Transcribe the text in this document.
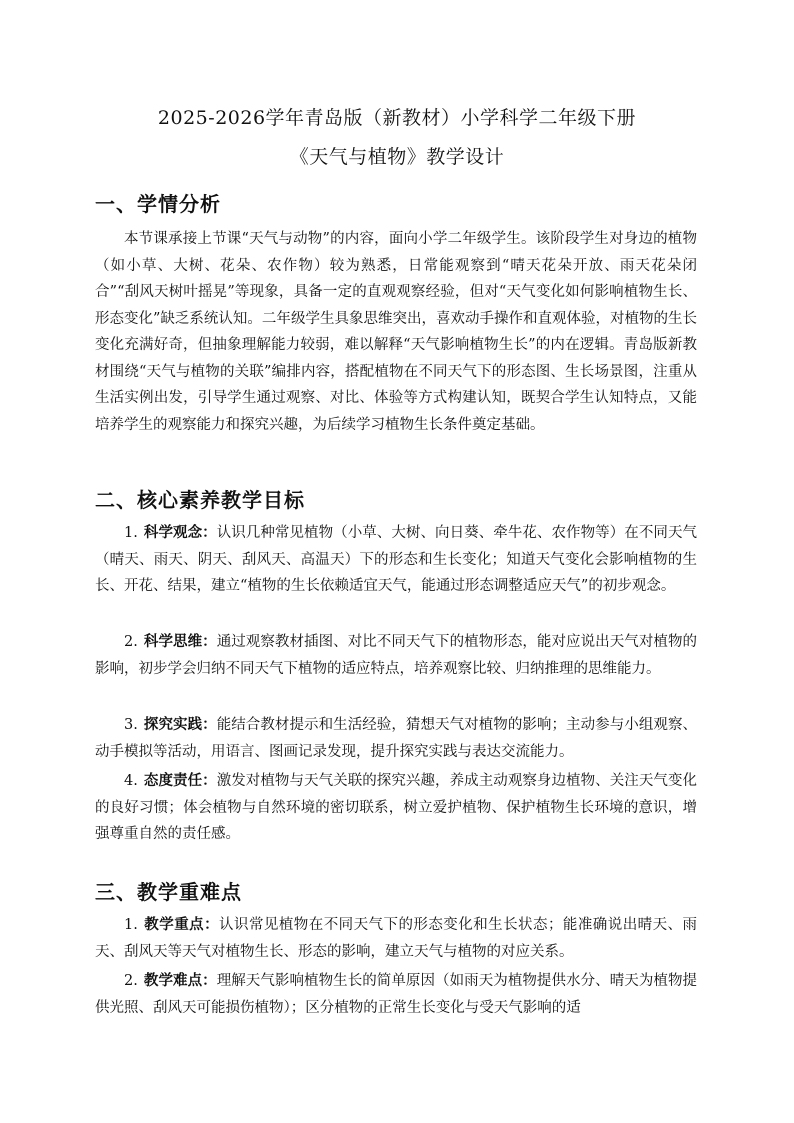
2025-2026学年青岛版（新教材）小学科学二年级下册
《天气与植物》教学设计
一、学情分析

本节课承接上节课“天气与动物”的内容，面向小学二年级学生。该阶段学生对身边的植物（如小草、大树、花朵、农作物）较为熟悉，日常能观察到“晴天花朵开放、雨天花朵闭合”“刮风天树叶摇晃”等现象，具备一定的直观观察经验，但对“天气变化如何影响植物生长、形态变化”缺乏系统认知。二年级学生具象思维突出，喜欢动手操作和直观体验，对植物的生长变化充满好奇，但抽象理解能力较弱，难以解释“天气影响植物生长”的内在逻辑。青岛版新教材围绕“天气与植物的关联”编排内容，搭配植物在不同天气下的形态图、生长场景图，注重从生活实例出发，引导学生通过观察、对比、体验等方式构建认知，既契合学生认知特点，又能培养学生的观察能力和探究兴趣，为后续学习植物生长条件奠定基础。

二、核心素养教学目标

1. 科学观念：认识几种常见植物（小草、大树、向日葵、牵牛花、农作物等）在不同天气（晴天、雨天、阴天、刮风天、高温天）下的形态和生长变化；知道天气变化会影响植物的生长、开花、结果，建立“植物的生长依赖适宜天气，能通过形态调整适应天气”的初步观念。

2. 科学思维：通过观察教材插图、对比不同天气下的植物形态，能对应说出天气对植物的影响，初步学会归纳不同天气下植物的适应特点，培养观察比较、归纳推理的思维能力。

3. 探究实践：能结合教材提示和生活经验，猜想天气对植物的影响；主动参与小组观察、动手模拟等活动，用语言、图画记录发现，提升探究实践与表达交流能力。

4. 态度责任：激发对植物与天气关联的探究兴趣，养成主动观察身边植物、关注天气变化的良好习惯；体会植物与自然环境的密切联系，树立爱护植物、保护植物生长环境的意识，增强尊重自然的责任感。

三、教学重难点

1. 教学重点：认识常见植物在不同天气下的形态变化和生长状态；能准确说出晴天、雨天、刮风天等天气对植物生长、形态的影响，建立天气与植物的对应关系。

2. 教学难点：理解天气影响植物生长的简单原因（如雨天为植物提供水分、晴天为植物提供光照、刮风天可能损伤植物）；区分植物的正常生长变化与受天气影响的适
